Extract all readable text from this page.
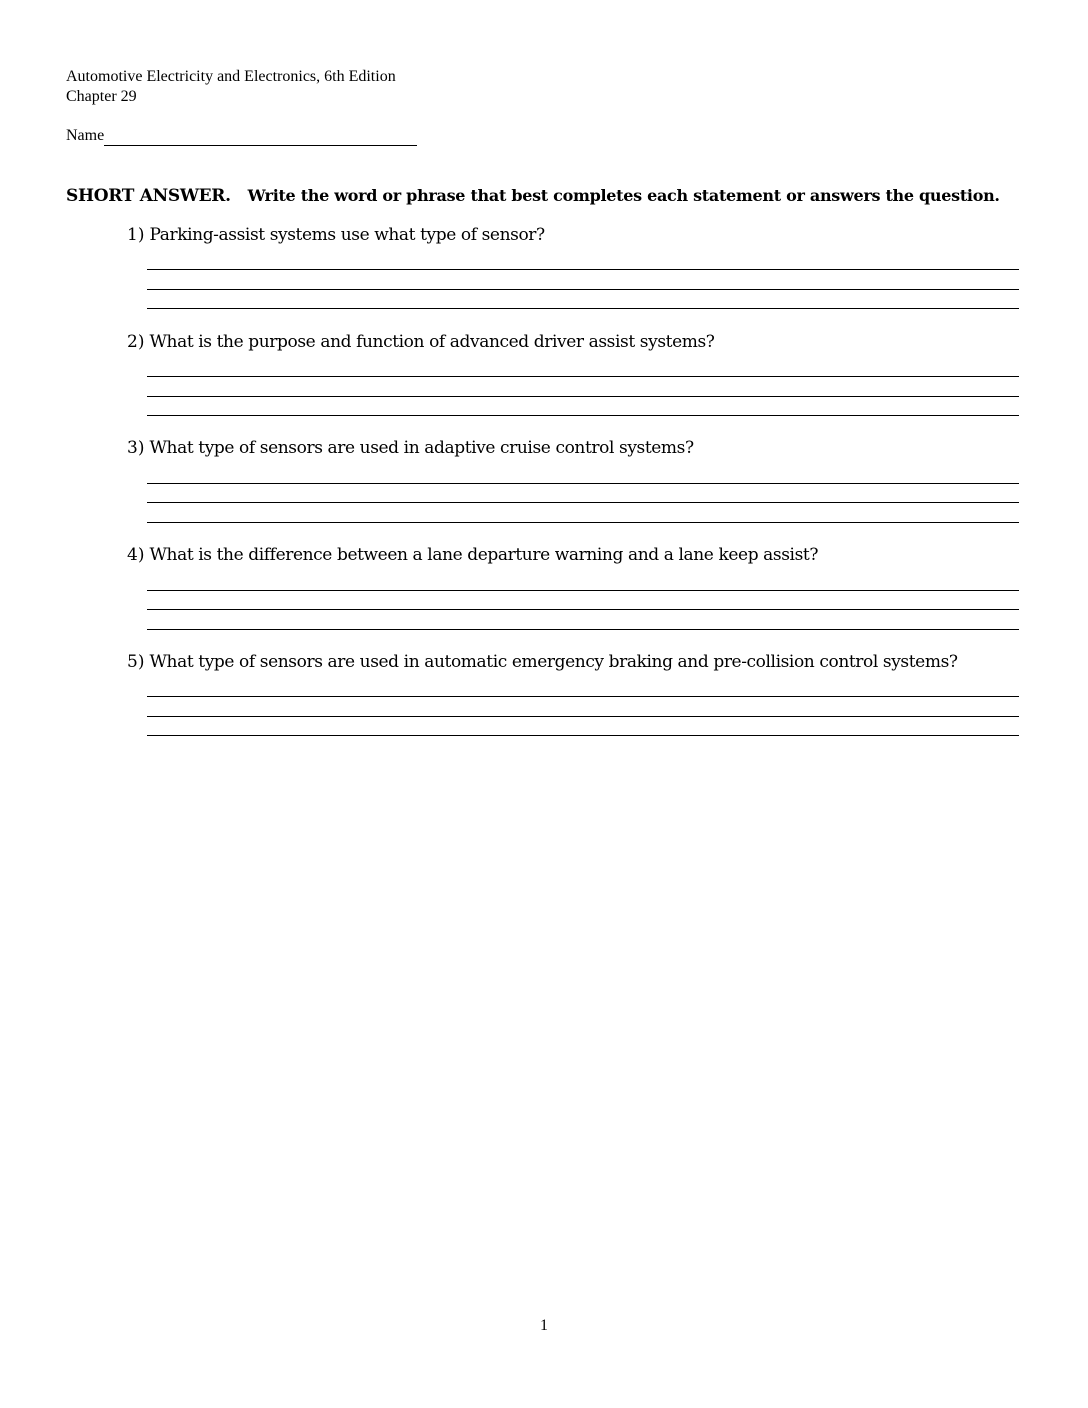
Automotive Electricity and Electronics, 6th Edition
Chapter 29
Name
SHORT ANSWER. Write the word or phrase that best completes each statement or answers the question.
1) Parking-assist systems use what type of sensor?
2) What is the purpose and function of advanced driver assist systems?
3) What type of sensors are used in adaptive cruise control systems?
4) What is the difference between a lane departure warning and a lane keep assist?
5) What type of sensors are used in automatic emergency braking and pre-collision control systems?
1
